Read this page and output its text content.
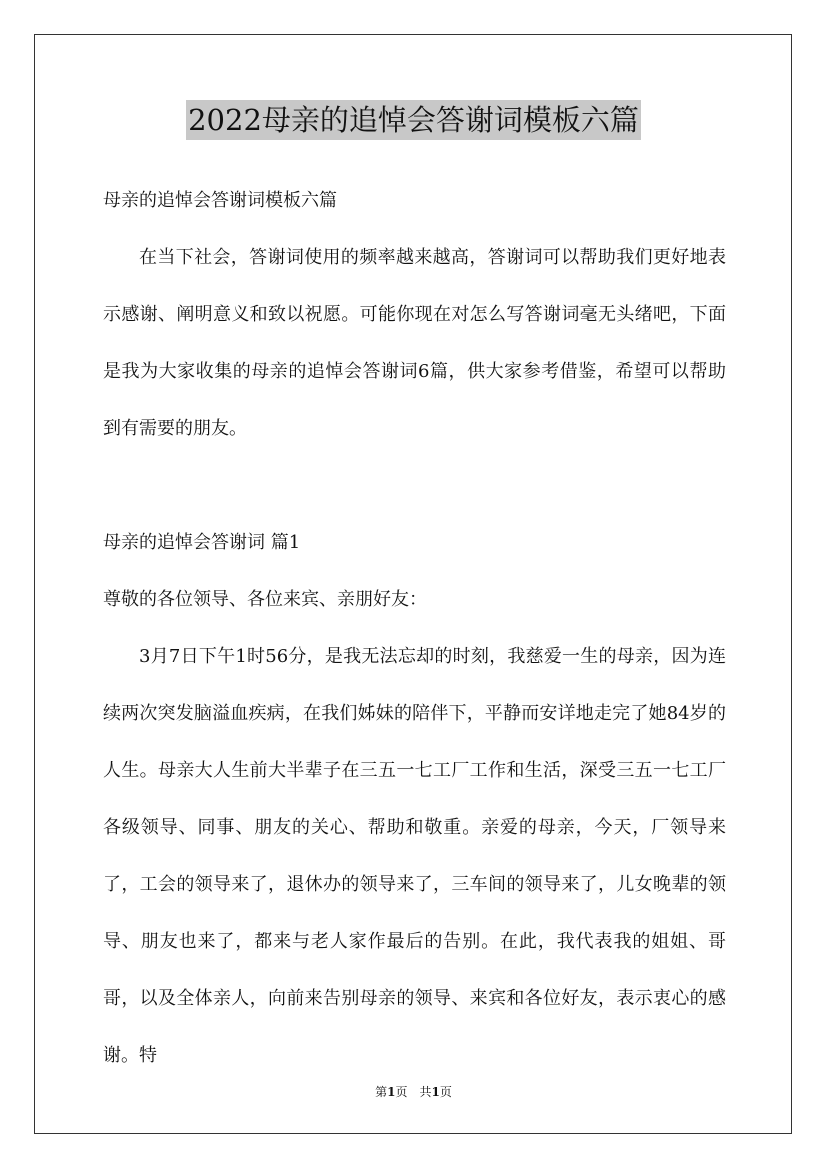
2022母亲的追悼会答谢词模板六篇

母亲的追悼会答谢词模板六篇

在当下社会，答谢词使用的频率越来越高，答谢词可以帮助我们更好地表示感谢、阐明意义和致以祝愿。可能你现在对怎么写答谢词毫无头绪吧，下面是我为大家收集的母亲的追悼会答谢词6篇，供大家参考借鉴，希望可以帮助到有需要的朋友。

母亲的追悼会答谢词 篇1

尊敬的各位领导、各位来宾、亲朋好友：

3月7日下午1时56分，是我无法忘却的时刻，我慈爱一生的母亲，因为连续两次突发脑溢血疾病，在我们姊妹的陪伴下，平静而安详地走完了她84岁的人生。母亲大人生前大半辈子在三五一七工厂工作和生活，深受三五一七工厂各级领导、同事、朋友的关心、帮助和敬重。亲爱的母亲，今天，厂领导来了，工会的领导来了，退休办的领导来了，三车间的领导来了，儿女晚辈的领导、朋友也来了，都来与老人家作最后的告别。在此，我代表我的姐姐、哥哥，以及全体亲人，向前来告别母亲的领导、来宾和各位好友，表示衷心的感谢。特

第1页　共1页
